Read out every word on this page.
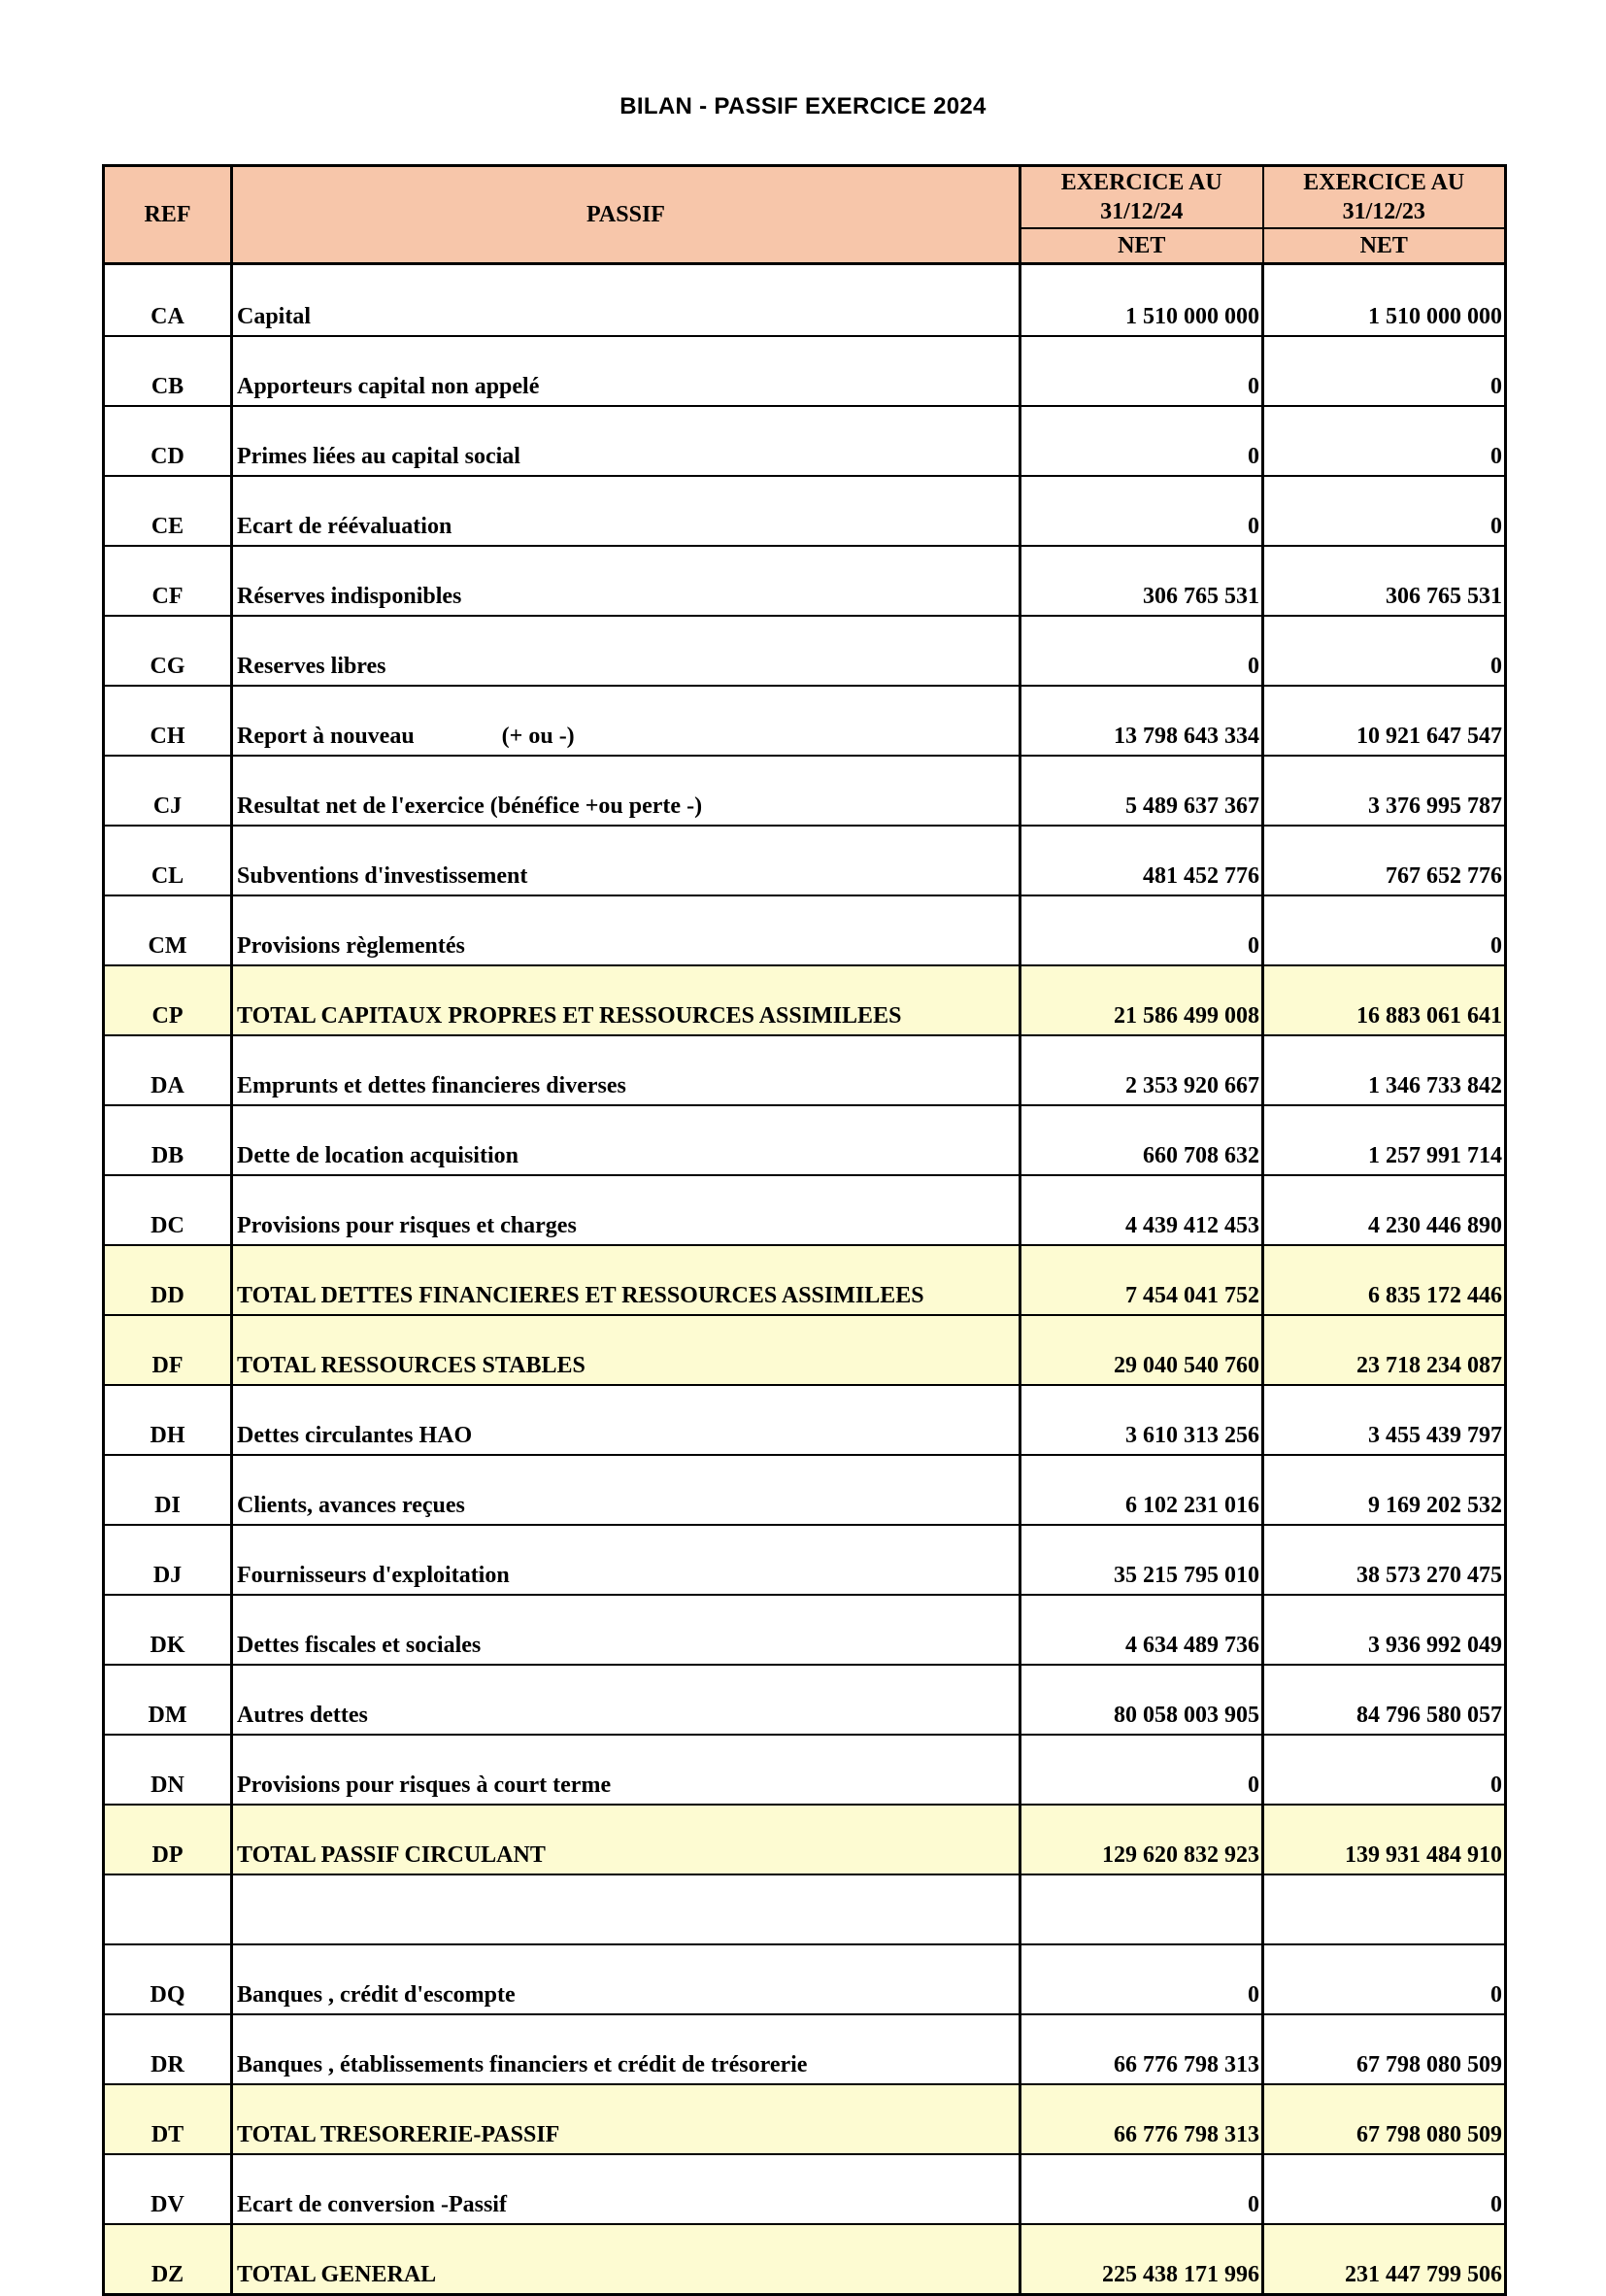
BILAN - PASSIF EXERCICE 2024
REF	PASSIF	EXERCICE AU 31/12/24	EXERCICE AU 31/12/23
		NET	NET
CA	Capital	1 510 000 000	1 510 000 000
CB	Apporteurs capital non appelé	0	0
CD	Primes liées au capital social	0	0
CE	Ecart de réévaluation	0	0
CF	Réserves indisponibles	306 765 531	306 765 531
CG	Reserves libres	0	0
CH	Report à nouveau (+ ou -)	13 798 643 334	10 921 647 547
CJ	Resultat net de l'exercice (bénéfice +ou perte -)	5 489 637 367	3 376 995 787
CL	Subventions d'investissement	481 452 776	767 652 776
CM	Provisions règlementés	0	0
CP	TOTAL CAPITAUX PROPRES ET RESSOURCES ASSIMILEES	21 586 499 008	16 883 061 641
DA	Emprunts et dettes financieres diverses	2 353 920 667	1 346 733 842
DB	Dette de location acquisition	660 708 632	1 257 991 714
DC	Provisions pour risques et charges	4 439 412 453	4 230 446 890
DD	TOTAL DETTES FINANCIERES ET RESSOURCES ASSIMILEES	7 454 041 752	6 835 172 446
DF	TOTAL RESSOURCES STABLES	29 040 540 760	23 718 234 087
DH	Dettes circulantes HAO	3 610 313 256	3 455 439 797
DI	Clients, avances reçues	6 102 231 016	9 169 202 532
DJ	Fournisseurs d'exploitation	35 215 795 010	38 573 270 475
DK	Dettes fiscales et sociales	4 634 489 736	3 936 992 049
DM	Autres dettes	80 058 003 905	84 796 580 057
DN	Provisions pour risques à court terme	0	0
DP	TOTAL PASSIF CIRCULANT	129 620 832 923	139 931 484 910

DQ	Banques , crédit d'escompte	0	0
DR	Banques , établissements financiers et crédit de trésorerie	66 776 798 313	67 798 080 509
DT	TOTAL TRESORERIE-PASSIF	66 776 798 313	67 798 080 509
DV	Ecart de conversion -Passif	0	0
DZ	TOTAL GENERAL	225 438 171 996	231 447 799 506
